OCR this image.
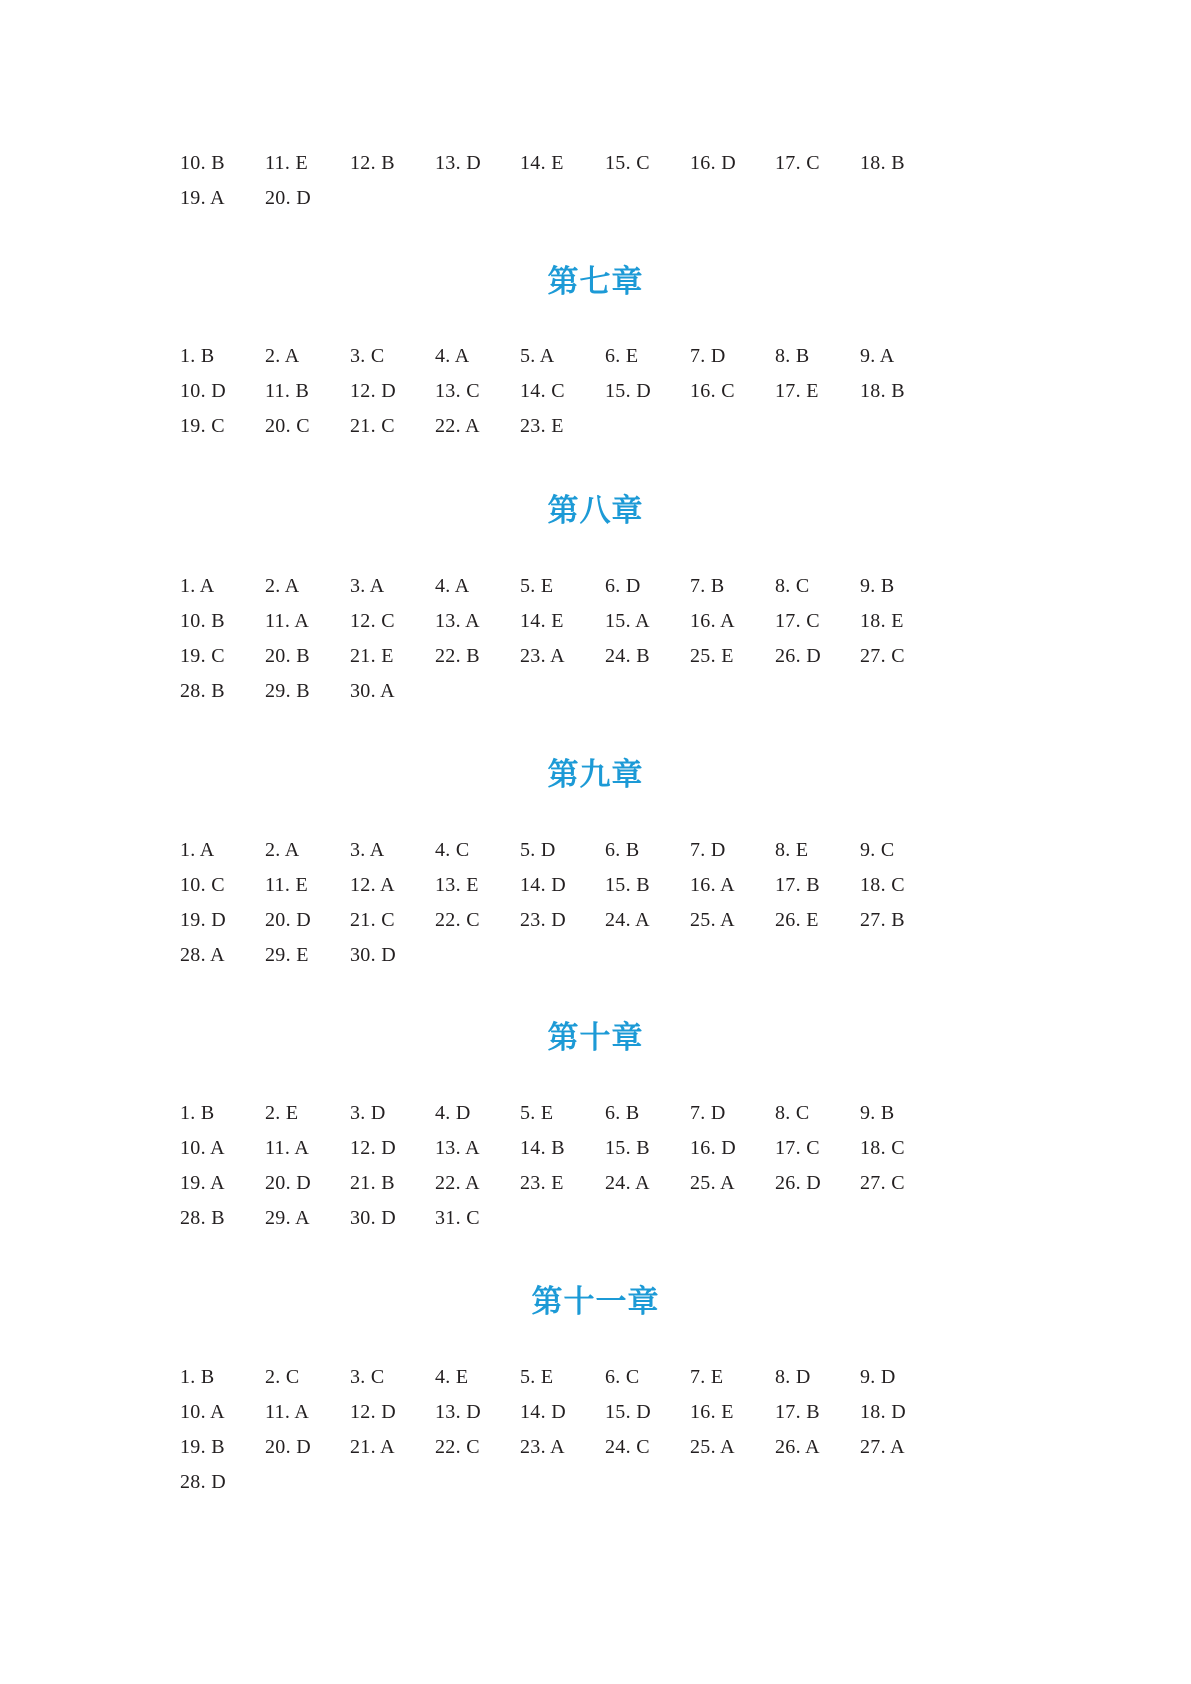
10. B	11. E	12. B	13. D	14. E	15. C	16. D	17. C	18. B
19. A	20. D
第七章
1. B	2. A	3. C	4. A	5. A	6. E	7. D	8. B	9. A
10. D	11. B	12. D	13. C	14. C	15. D	16. C	17. E	18. B
19. C	20. C	21. C	22. A	23. E
第八章
1. A	2. A	3. A	4. A	5. E	6. D	7. B	8. C	9. B
10. B	11. A	12. C	13. A	14. E	15. A	16. A	17. C	18. E
19. C	20. B	21. E	22. B	23. A	24. B	25. E	26. D	27. C
28. B	29. B	30. A
第九章
1. A	2. A	3. A	4. C	5. D	6. B	7. D	8. E	9. C
10. C	11. E	12. A	13. E	14. D	15. B	16. A	17. B	18. C
19. D	20. D	21. C	22. C	23. D	24. A	25. A	26. E	27. B
28. A	29. E	30. D
第十章
1. B	2. E	3. D	4. D	5. E	6. B	7. D	8. C	9. B
10. A	11. A	12. D	13. A	14. B	15. B	16. D	17. C	18. C
19. A	20. D	21. B	22. A	23. E	24. A	25. A	26. D	27. C
28. B	29. A	30. D	31. C
第十一章
1. B	2. C	3. C	4. E	5. E	6. C	7. E	8. D	9. D
10. A	11. A	12. D	13. D	14. D	15. D	16. E	17. B	18. D
19. B	20. D	21. A	22. C	23. A	24. C	25. A	26. A	27. A
28. D
